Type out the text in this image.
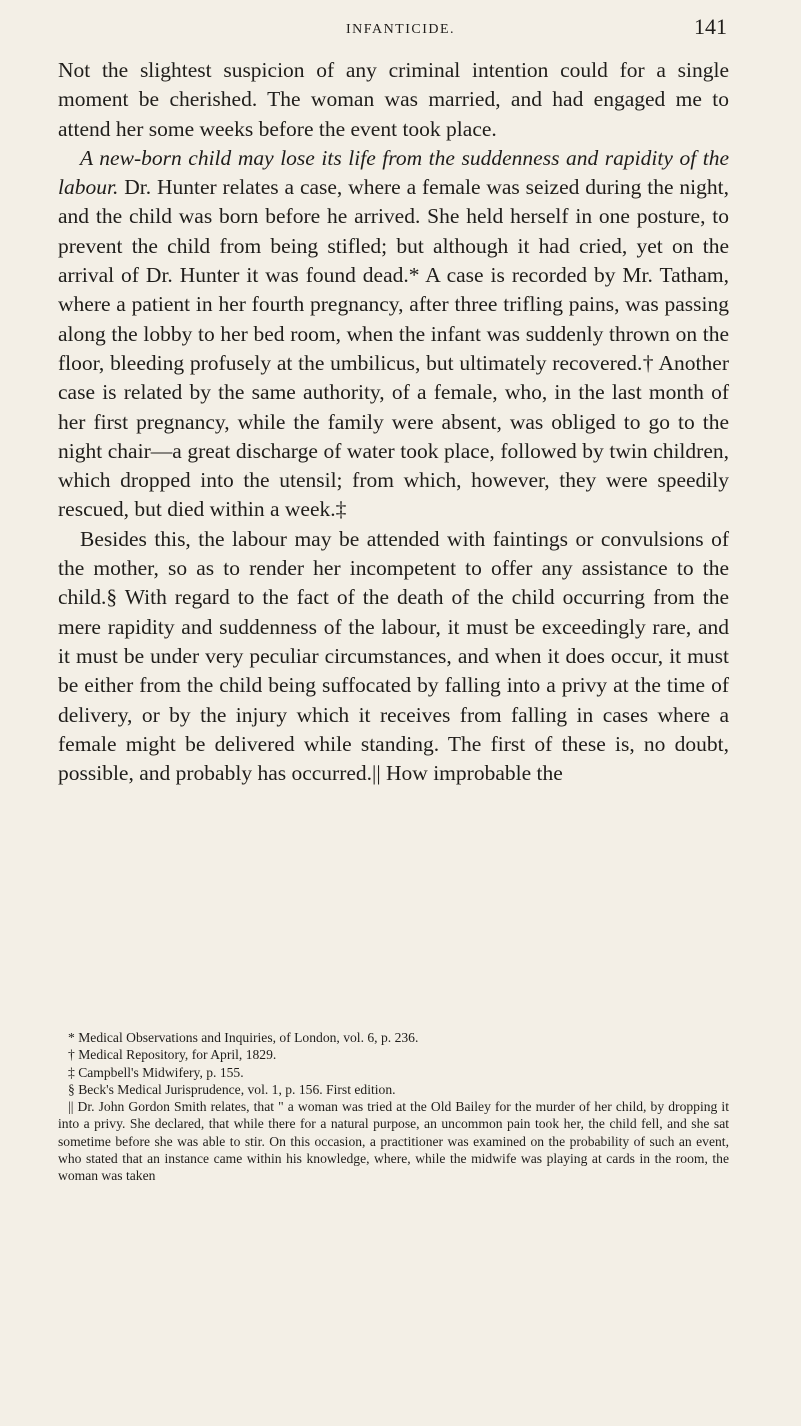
INFANTICIDE.	141

Not the slightest suspicion of any criminal intention could for a single moment be cherished. The woman was married, and had engaged me to attend her some weeks before the event took place.

A new-born child may lose its life from the suddenness and rapidity of the labour. Dr. Hunter relates a case, where a female was seized during the night, and the child was born before he arrived. She held herself in one posture, to prevent the child from being stifled; but although it had cried, yet on the arrival of Dr. Hunter it was found dead.* A case is recorded by Mr. Tatham, where a patient in her fourth pregnancy, after three trifling pains, was passing along the lobby to her bed room, when the infant was suddenly thrown on the floor, bleeding profusely at the umbilicus, but ultimately recovered.† Another case is related by the same authority, of a female, who, in the last month of her first pregnancy, while the family were absent, was obliged to go to the night chair—a great discharge of water took place, followed by twin children, which dropped into the utensil; from which, however, they were speedily rescued, but died within a week.‡

Besides this, the labour may be attended with faintings or convulsions of the mother, so as to render her incompetent to offer any assistance to the child.§ With regard to the fact of the death of the child occurring from the mere rapidity and suddenness of the labour, it must be exceedingly rare, and it must be under very peculiar circumstances, and when it does occur, it must be either from the child being suffocated by falling into a privy at the time of delivery, or by the injury which it receives from falling in cases where a female might be delivered while standing. The first of these is, no doubt, possible, and probably has occurred.|| How improbable the

* Medical Observations and Inquiries, of London, vol. 6, p. 236.

† Medical Repository, for April, 1829.

‡ Campbell's Midwifery, p. 155.

§ Beck's Medical Jurisprudence, vol. 1, p. 156. First edition.

|| Dr. John Gordon Smith relates, that " a woman was tried at the Old Bailey for the murder of her child, by dropping it into a privy. She declared, that while there for a natural purpose, an uncommon pain took her, the child fell, and she sat sometime before she was able to stir. On this occasion, a practitioner was examined on the probability of such an event, who stated that an instance came within his knowledge, where, while the midwife was playing at cards in the room, the woman was taken
